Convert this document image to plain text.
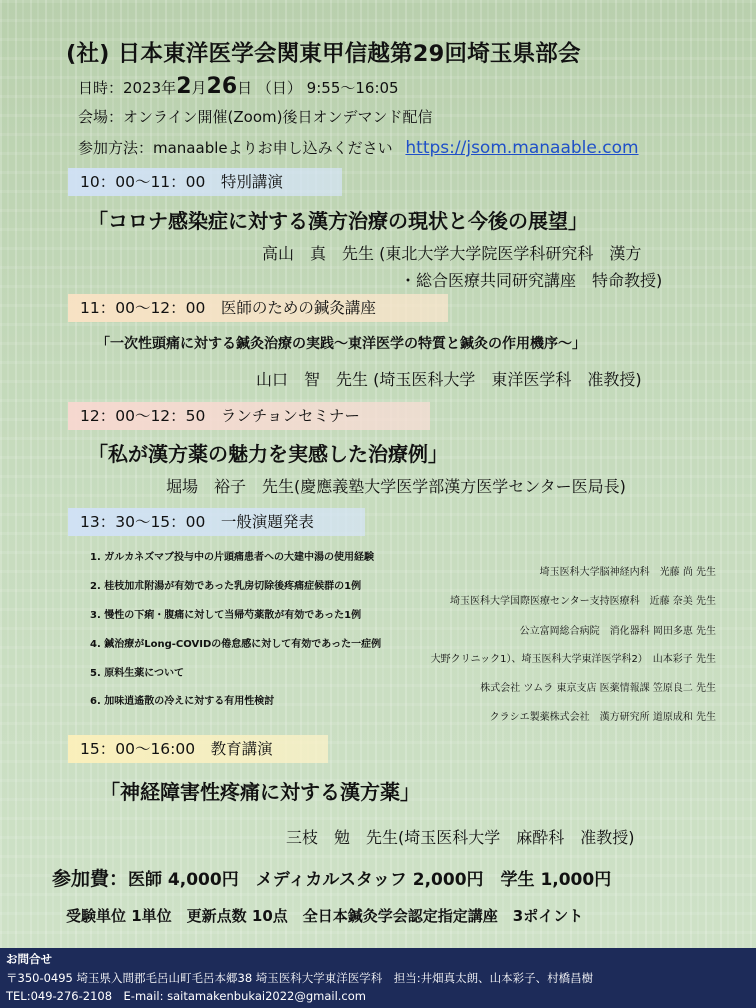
(社) 日本東洋医学会関東甲信越第29回埼玉県部会
日時：2023年2月26日 （日） 9:55〜16:05
会場：オンライン開催(Zoom)後日オンデマンド配信
参加方法：manaableよりお申し込みください https://jsom.manaable.com
10：00〜11：00　特別講演
「コロナ感染症に対する漢方治療の現状と今後の展望」
高山　真　先生 (東北大学大学院医学科研究科　漢方
・総合医療共同研究講座　特命教授)
11：00〜12：00　医師のための鍼灸講座
「一次性頭痛に対する鍼灸治療の実践〜東洋医学の特質と鍼灸の作用機序〜」
山口　智　先生 (埼玉医科大学　東洋医学科　准教授)
12：00〜12：50　ランチョンセミナー
「私が漢方薬の魅力を実感した治療例」
堀場　裕子　先生(慶應義塾大学医学部漢方医学センター医局長)
13：30〜15：00　一般演題発表
1. ガルカネズマブ投与中の片頭痛患者への大建中湯の使用経験
埼玉医科大学脳神経内科　光藤 尚 先生
2. 桂枝加朮附湯が有効であった乳房切除後疼痛症候群の1例
埼玉医科大学国際医療センター支持医療科　近藤 奈美 先生
3. 慢性の下痢・腹痛に対して当帰芍薬散が有効であった1例
公立富岡総合病院　消化器科 岡田多恵 先生
4. 鍼治療がLong-COVIDの倦怠感に対して有効であった一症例
大野クリニック1）、埼玉医科大学東洋医学科2）　山本彩子 先生
5. 原料生薬について
株式会社 ツムラ 東京支店 医薬情報課 笠原良二 先生
6. 加味逍遙散の冷えに対する有用性検討
クラシエ製薬株式会社　漢方研究所 道原成和 先生
15：00〜16:00　教育講演
「神経障害性疼痛に対する漢方薬」
三枝　勉　先生(埼玉医科大学　麻酔科　准教授)
参加費：医師 4,000円　メディカルスタッフ 2,000円　学生 1,000円
受験単位 1単位　更新点数 10点　全日本鍼灸学会認定指定講座　3ポイント
お問合せ
〒350-0495 埼玉県入間郡毛呂山町毛呂本郷38 埼玉医科大学東洋医学科　担当:井畑真太朗、山本彩子、村橋昌樹
TEL:049-276-2108　E-mail: saitamakenbukai2022@gmail.com
